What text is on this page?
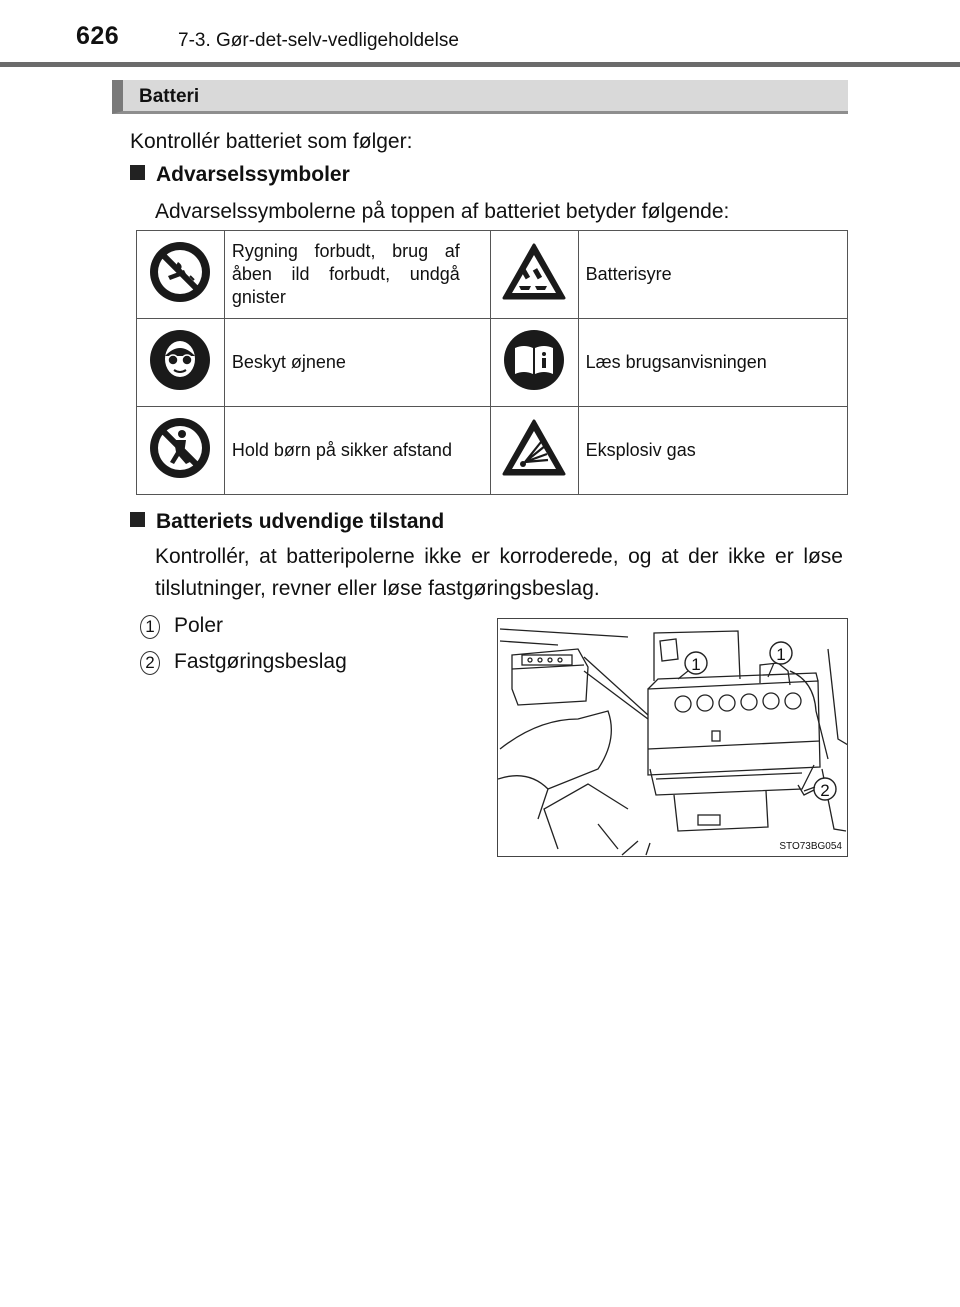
626	7-3. Gør-det-selv-vedligeholdelse
Batteri
Kontrollér batteriet som følger:
Advarselssymboler
Advarselssymbolerne på toppen af batteriet betyder følgende:
	Rygning forbudt, brug af åben ild forbudt, undgå gnister		Batterisyre
	Beskyt øjnene		Læs brugsanvisningen
	Hold børn på sikker afstand		Eksplosiv gas
Batteriets udvendige tilstand
Kontrollér, at batteripolerne ikke er korroderede, og at der ikke er løse tilslutninger, revner eller løse fastgøringsbeslag.
1 Poler
2 Fastgøringsbeslag	1
1
2
STO73BG054
